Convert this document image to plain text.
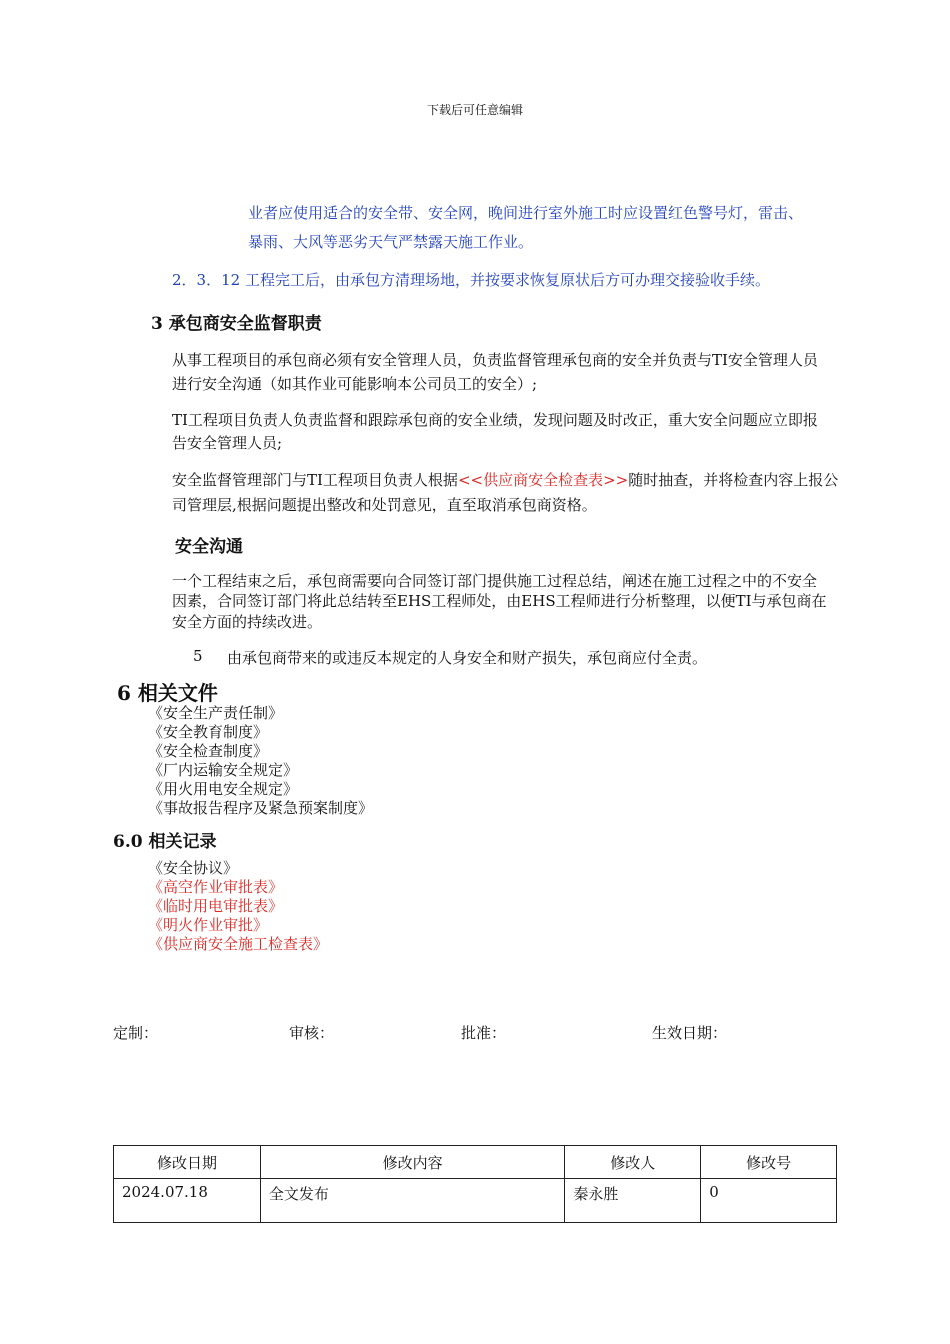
下载后可任意编辑
业者应使用适合的安全带、安全网，晚间进行室外施工时应设置红色警号灯，雷击、
暴雨、大风等恶劣天气严禁露天施工作业。
2．3．12 工程完工后，由承包方清理场地，并按要求恢复原状后方可办理交接验收手续。
3 承包商安全监督职责
从事工程项目的承包商必须有安全管理人员，负责监督管理承包商的安全并负责与TI安全管理人员
进行安全沟通（如其作业可能影响本公司员工的安全）;
TI工程项目负责人负责监督和跟踪承包商的安全业绩，发现问题及时改正，重大安全问题应立即报
告安全管理人员;
安全监督管理部门与TI工程项目负责人根据<<供应商安全检查表>>随时抽查，并将检查内容上报公
司管理层,根据问题提出整改和处罚意见，直至取消承包商资格。
安全沟通
一个工程结束之后，承包商需要向合同签订部门提供施工过程总结，阐述在施工过程之中的不安全
因素，合同签订部门将此总结转至EHS工程师处，由EHS工程师进行分析整理，以便TI与承包商在
安全方面的持续改进。
5 由承包商带来的或违反本规定的人身安全和财产损失，承包商应付全责。
6 相关文件
《安全生产责任制》
《安全教育制度》
《安全检查制度》
《厂内运输安全规定》
《用火用电安全规定》
《事故报告程序及紧急预案制度》
6.0 相关记录
《安全协议》
《高空作业审批表》
《临时用电审批表》
《明火作业审批》
《供应商安全施工检查表》
定制：	审核：	批准：	生效日期：
修改日期	修改内容	修改人	修改号
2024.07.18	全文发布	秦永胜	0
